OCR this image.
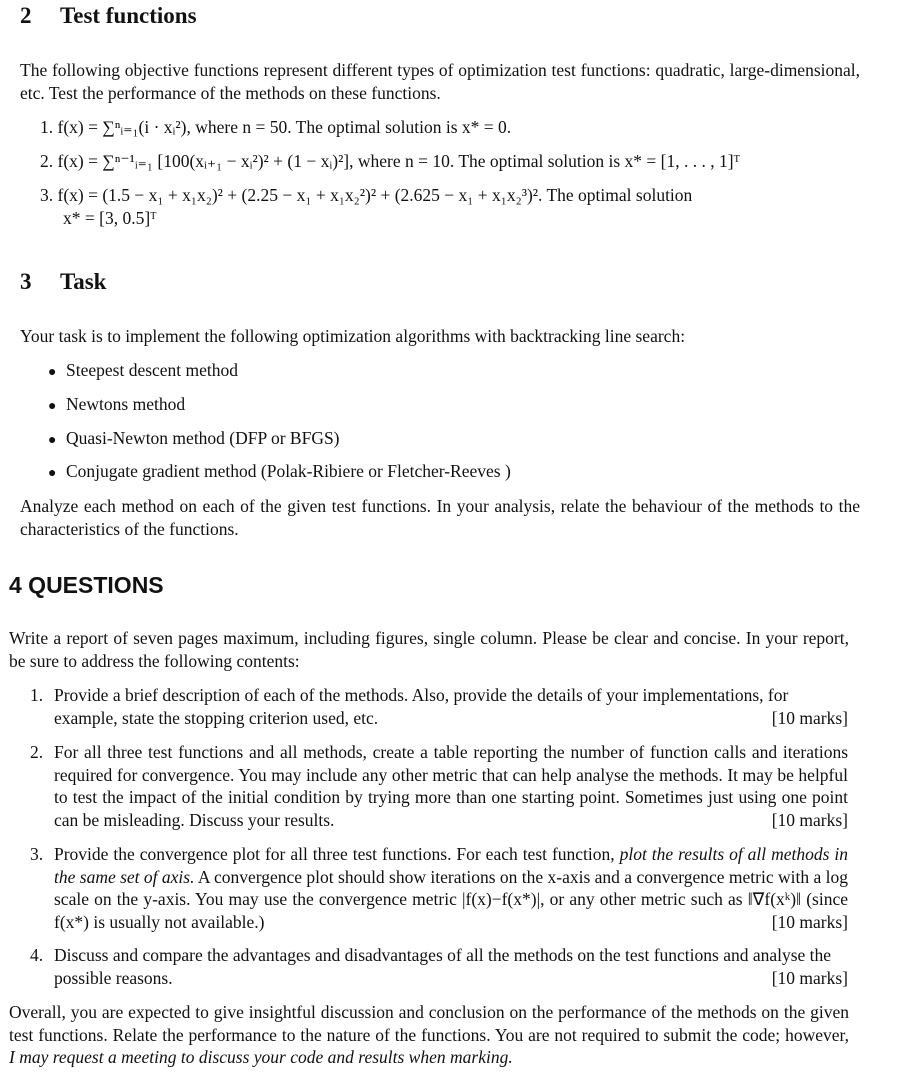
2 Test functions
The following objective functions represent different types of optimization test functions: quadratic, large-dimensional, etc. Test the performance of the methods on these functions.
1. f(x) = ∑ⁿᵢ₌₁(i · xᵢ²), where n = 50. The optimal solution is x* = 0.
2. f(x) = ∑ⁿ⁻¹ᵢ₌₁ [100(xᵢ₊₁ − xᵢ²)² + (1 − xᵢ)²], where n = 10. The optimal solution is x* = [1, . . . , 1]ᵀ
3. f(x) = (1.5 − x₁ + x₁x₂)² + (2.25 − x₁ + x₁x₂²)² + (2.625 − x₁ + x₁x₂³)². The optimal solution
x* = [3, 0.5]ᵀ
3 Task
Your task is to implement the following optimization algorithms with backtracking line search:
● Steepest descent method
● Newtons method
● Quasi-Newton method (DFP or BFGS)
● Conjugate gradient method (Polak-Ribiere or Fletcher-Reeves )
Analyze each method on each of the given test functions. In your analysis, relate the behaviour of the methods to the characteristics of the functions.
4 QUESTIONS
Write a report of seven pages maximum, including figures, single column. Please be clear and concise. In your report, be sure to address the following contents:
1. Provide a brief description of each of the methods. Also, provide the details of your implementations, for example, state the stopping criterion used, etc.	[10 marks]
2. For all three test functions and all methods, create a table reporting the number of function calls and iterations required for convergence. You may include any other metric that can help analyse the methods. It may be helpful to test the impact of the initial condition by trying more than one starting point. Sometimes just using one point can be misleading. Discuss your results.	[10 marks]
3. Provide the convergence plot for all three test functions. For each test function, plot the results of all methods in the same set of axis. A convergence plot should show iterations on the x-axis and a convergence metric with a log scale on the y-axis. You may use the convergence metric |f(x)−f(x*)|, or any other metric such as ‖∇f(xᵏ)‖ (since f(x*) is usually not available.)	[10 marks]
4. Discuss and compare the advantages and disadvantages of all the methods on the test functions and analyse the possible reasons.	[10 marks]
Overall, you are expected to give insightful discussion and conclusion on the performance of the methods on the given test functions. Relate the performance to the nature of the functions. You are not required to submit the code; however, I may request a meeting to discuss your code and results when marking.
